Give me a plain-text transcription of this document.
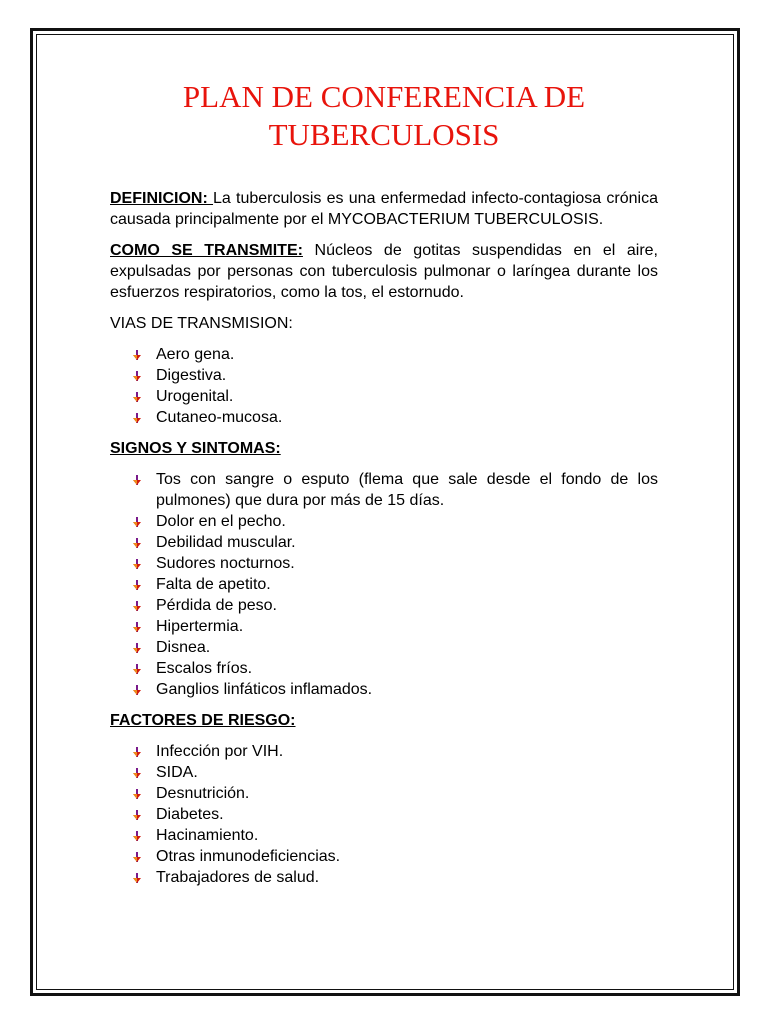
PLAN DE CONFERENCIA DE TUBERCULOSIS

DEFINICION: La tuberculosis es una enfermedad infecto-contagiosa crónica causada principalmente por el MYCOBACTERIUM TUBERCULOSIS.

COMO SE TRANSMITE: Núcleos de gotitas suspendidas en el aire, expulsadas por personas con tuberculosis pulmonar o laríngea durante los esfuerzos respiratorios, como la tos, el estornudo.

VIAS DE TRANSMISION:

Aero gena.
Digestiva.
Urogenital.
Cutaneo-mucosa.

SIGNOS Y SINTOMAS:

Tos con sangre o esputo (flema que sale desde el fondo de los pulmones) que dura por más de 15 días.
Dolor en el pecho.
Debilidad muscular.
Sudores nocturnos.
Falta de apetito.
Pérdida de peso.
Hipertermia.
Disnea.
Escalos fríos.
Ganglios linfáticos inflamados.

FACTORES DE RIESGO:

Infección por VIH.
SIDA.
Desnutrición.
Diabetes.
Hacinamiento.
Otras inmunodeficiencias.
Trabajadores de salud.
